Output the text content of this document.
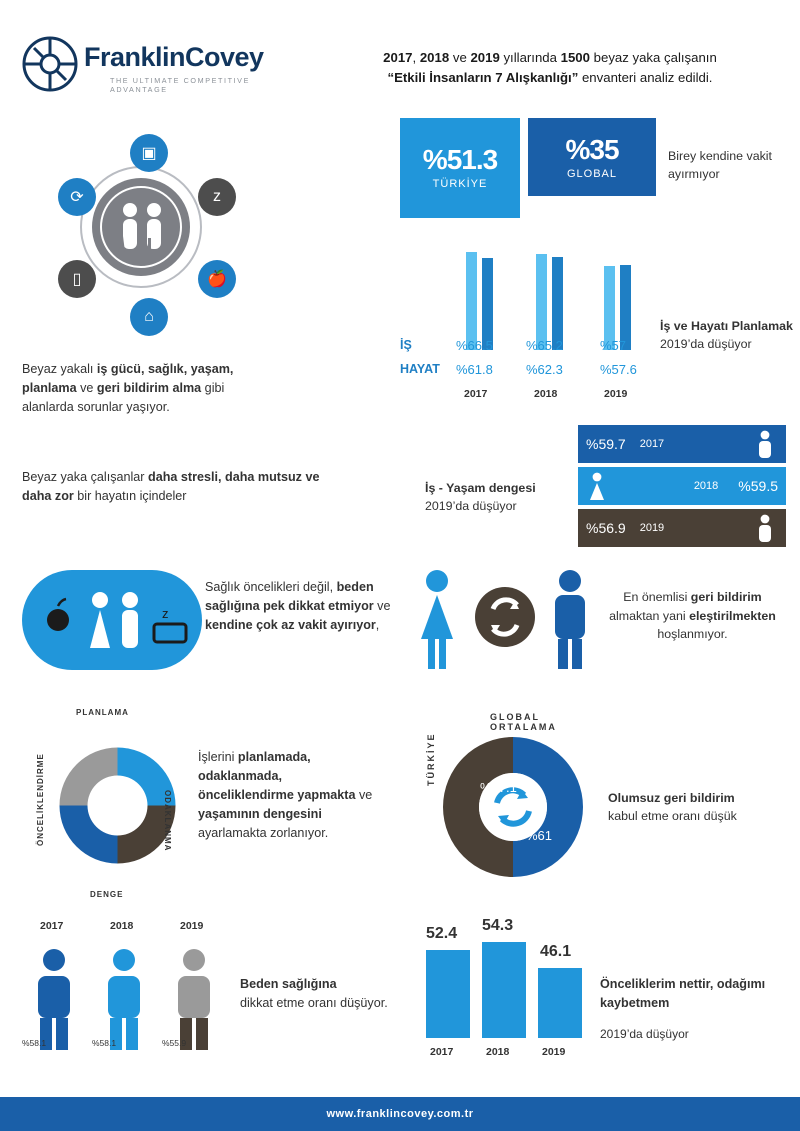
FranklinCovey
THE ULTIMATE COMPETITIVE ADVANTAGE
2017, 2018 ve 2019 yıllarında 1500 beyaz yaka çalışanın
“Etkili İnsanların 7 Alışkanlığı” envanteri analiz edildi.
▣
⟳	z
▯	🍎
⌂
Beyaz yakalı iş gücü, sağlık, yaşam, planlama ve geri bildirim alma gibi alanlarda sorunlar yaşıyor.
%51.3
TÜRKİYE
%35
GLOBAL
Birey kendine vakit ayırmıyor
İŞ
HAYAT
%66.5	%65.2	%57
%61.8	%62.3	%57.6
2017	2018	2019
İş ve Hayatı Planlamak
2019’da düşüyor
%59.7 2017
2018	%59.5
%56.9 2019
İş - Yaşam dengesi
2019’da düşüyor
Beyaz yaka çalışanlar daha stresli, daha mutsuz ve daha zor bir hayatın içindeler
z
Sağlık öncelikleri değil, beden sağlığına pek dikkat etmiyor ve kendine çok az vakit ayırıyor,
En önemlisi geri bildirim almaktan yani eleştirilmekten hoşlanmıyor.
PLANLAMA
ODAKLANMA
DENGE
ÖNCELİKLENDİRME	İşlerini planlamada, odaklanmada, önceliklendirme yapmakta ve yaşamının dengesini ayarlamakta zorlanıyor.
%47.1
%61
TÜRKİYE
GLOBAL ORTALAMA
Olumsuz geri bildirim
kabul etme oranı düşük
2017	2018	2019
%58.1	%58.1	%55.9
Beden sağlığına
dikkat etme oranı düşüyor.
52.4 54.3
46.1
2017	2018	2019
Önceliklerim nettir, odağımı kaybetmem
2019’da düşüyor
www.franklincovey.com.tr
